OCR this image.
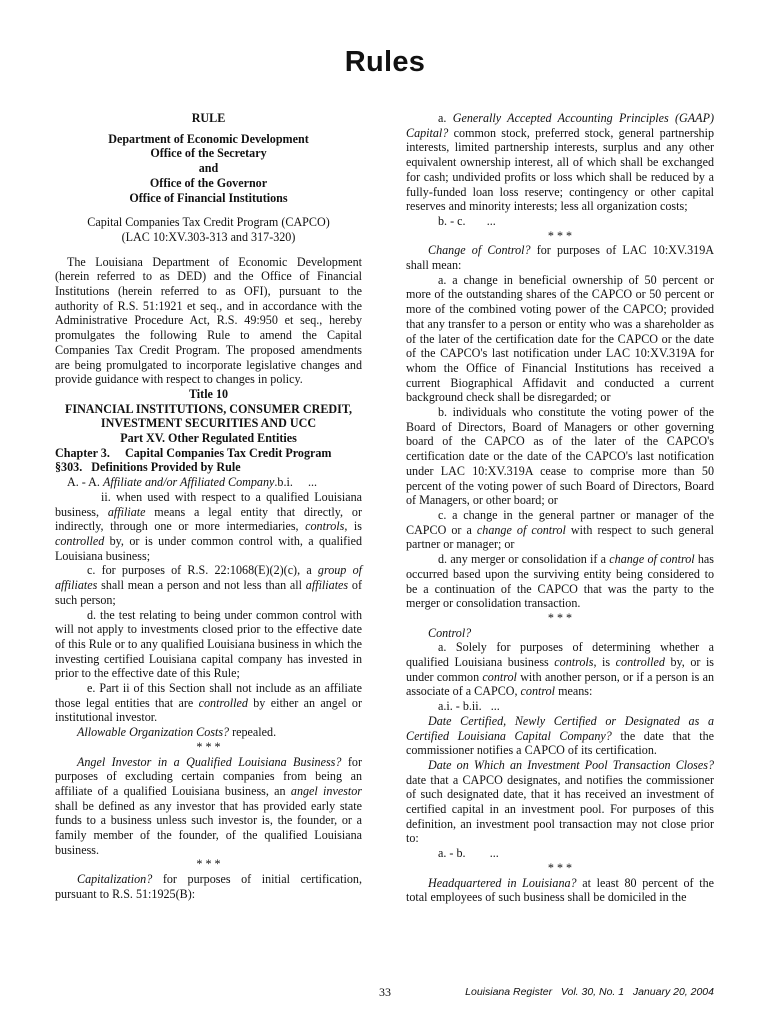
Rules

RULE

Department of Economic Development

Office of the Secretary

and

Office of the Governor

Office of Financial Institutions

Capital Companies Tax Credit Program (CAPCO)

(LAC 10:XV.303-313 and 317-320)

The Louisiana Department of Economic Development (herein referred to as DED) and the Office of Financial Institutions (herein referred to as OFI), pursuant to the authority of R.S. 51:1921 et seq., and in accordance with the Administrative Procedure Act, R.S. 49:950 et seq., hereby promulgates the following Rule to amend the Capital Companies Tax Credit Program. The proposed amendments are being promulgated to incorporate legislative changes and provide guidance with respect to changes in policy.

Title 10

FINANCIAL INSTITUTIONS, CONSUMER CREDIT, INVESTMENT SECURITIES AND UCC

Part XV. Other Regulated Entities

Chapter 3.     Capital Companies Tax Credit Program

§303.   Definitions Provided by Rule

A. - A. Affiliate and/or Affiliated Company.b.i.     ...

ii. when used with respect to a qualified Louisiana business, affiliate means a legal entity that directly, or indirectly, through one or more intermediaries, controls, is controlled by, or is under common control with, a qualified Louisiana business;

c. for purposes of R.S. 22:1068(E)(2)(c), a group of affiliates shall mean a person and not less than all affiliates of such person;

d. the test relating to being under common control with will not apply to investments closed prior to the effective date of this Rule or to any qualified Louisiana business in which the investing certified Louisiana capital company has invested in prior to the effective date of this Rule;

e. Part ii of this Section shall not include as an affiliate those legal entities that are controlled by either an angel or institutional investor.

Allowable Organization Costs? repealed.

* * *

Angel Investor in a Qualified Louisiana Business? for purposes of excluding certain companies from being an affiliate of a qualified Louisiana business, an angel investor shall be defined as any investor that has provided early state funds to a business unless such investor is, the founder, or a family member of the founder, of the qualified Louisiana business.

* * *

Capitalization? for purposes of initial certification, pursuant to R.S. 51:1925(B):

a. Generally Accepted Accounting Principles (GAAP) Capital? common stock, preferred stock, general partnership interests, limited partnership interests, surplus and any other equivalent ownership interest, all of which shall be exchanged for cash; undivided profits or loss which shall be reduced by a fully-funded loan loss reserve; contingency or other capital reserves and minority interests; less all organization costs;

b. - c.       ...

* * *

Change of Control? for purposes of LAC 10:XV.319A shall mean:

a. a change in beneficial ownership of 50 percent or more of the outstanding shares of the CAPCO or 50 percent or more of the combined voting power of the CAPCO; provided that any transfer to a person or entity who was a shareholder as of the later of the certification date for the CAPCO or the date of the CAPCO's last notification under LAC 10:XV.319A for whom the Office of Financial Institutions has received a current Biographical Affidavit and conducted a current background check shall be disregarded; or

b. individuals who constitute the voting power of the Board of Directors, Board of Managers or other governing board of the CAPCO as of the later of the CAPCO's certification date or the date of the CAPCO's last notification under LAC 10:XV.319A cease to comprise more than 50 percent of the voting power of such Board of Directors, Board of Managers, or other board; or

c. a change in the general partner or manager of the CAPCO or a change of control with respect to such general partner or manager; or

d. any merger or consolidation if a change of control has occurred based upon the surviving entity being considered to be a continuation of the CAPCO that was the party to the merger or consolidation transaction.

* * *

Control?

a. Solely for purposes of determining whether a qualified Louisiana business controls, is controlled by, or is under common control with another person, or if a person is an associate of a CAPCO, control means:

a.i. - b.ii.   ...

Date Certified, Newly Certified or Designated as a Certified Louisiana Capital Company? the date that the commissioner notifies a CAPCO of its certification.

Date on Which an Investment Pool Transaction Closes? date that a CAPCO designates, and notifies the commissioner of such designated date, that it has received an investment of certified capital in an investment pool. For purposes of this definition, an investment pool transaction may not close prior to:

a. - b.        ...

* * *

Headquartered in Louisiana? at least 80 percent of the total employees of such business shall be domiciled in the

33	Louisiana Register   Vol. 30, No. 1   January 20, 2004
